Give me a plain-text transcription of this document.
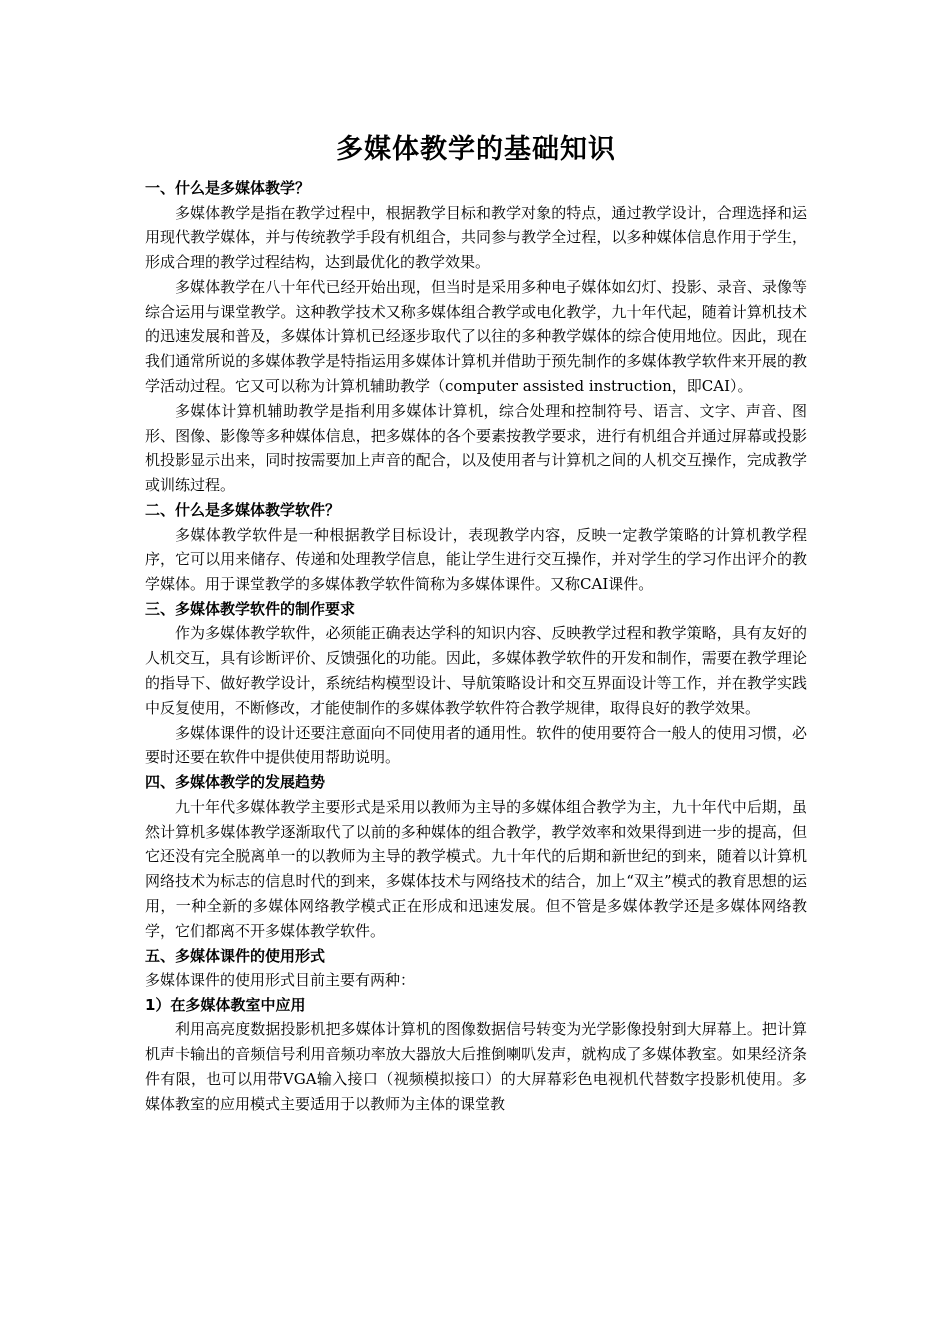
多媒体教学的基础知识

一、什么是多媒体教学？

多媒体教学是指在教学过程中，根据教学目标和教学对象的特点，通过教学设计，合理选择和运用现代教学媒体，并与传统教学手段有机组合，共同参与教学全过程，以多种媒体信息作用于学生，形成合理的教学过程结构，达到最优化的教学效果。

多媒体教学在八十年代已经开始出现，但当时是采用多种电子媒体如幻灯、投影、录音、录像等综合运用与课堂教学。这种教学技术又称多媒体组合教学或电化教学，九十年代起，随着计算机技术的迅速发展和普及，多媒体计算机已经逐步取代了以往的多种教学媒体的综合使用地位。因此，现在我们通常所说的多媒体教学是特指运用多媒体计算机并借助于预先制作的多媒体教学软件来开展的教学活动过程。它又可以称为计算机辅助教学（computer assisted instruction，即CAI）。

多媒体计算机辅助教学是指利用多媒体计算机，综合处理和控制符号、语言、文字、声音、图形、图像、影像等多种媒体信息，把多媒体的各个要素按教学要求，进行有机组合并通过屏幕或投影机投影显示出来，同时按需要加上声音的配合，以及使用者与计算机之间的人机交互操作，完成教学或训练过程。

二、什么是多媒体教学软件？

多媒体教学软件是一种根据教学目标设计，表现教学内容，反映一定教学策略的计算机教学程序，它可以用来储存、传递和处理教学信息，能让学生进行交互操作，并对学生的学习作出评介的教学媒体。用于课堂教学的多媒体教学软件简称为多媒体课件。又称CAI课件。

三、多媒体教学软件的制作要求

作为多媒体教学软件，必须能正确表达学科的知识内容、反映教学过程和教学策略，具有友好的人机交互，具有诊断评价、反馈强化的功能。因此，多媒体教学软件的开发和制作，需要在教学理论的指导下、做好教学设计，系统结构模型设计、导航策略设计和交互界面设计等工作，并在教学实践中反复使用，不断修改，才能使制作的多媒体教学软件符合教学规律，取得良好的教学效果。

多媒体课件的设计还要注意面向不同使用者的通用性。软件的使用要符合一般人的使用习惯，必要时还要在软件中提供使用帮助说明。

四、多媒体教学的发展趋势

九十年代多媒体教学主要形式是采用以教师为主导的多媒体组合教学为主，九十年代中后期，虽然计算机多媒体教学逐渐取代了以前的多种媒体的组合教学，教学效率和效果得到进一步的提高，但它还没有完全脱离单一的以教师为主导的教学模式。九十年代的后期和新世纪的到来，随着以计算机网络技术为标志的信息时代的到来，多媒体技术与网络技术的结合，加上“双主”模式的教育思想的运用，一种全新的多媒体网络教学模式正在形成和迅速发展。但不管是多媒体教学还是多媒体网络教学，它们都离不开多媒体教学软件。

五、多媒体课件的使用形式

多媒体课件的使用形式目前主要有两种：

1）在多媒体教室中应用

利用高亮度数据投影机把多媒体计算机的图像数据信号转变为光学影像投射到大屏幕上。把计算机声卡输出的音频信号利用音频功率放大器放大后推倒喇叭发声，就构成了多媒体教室。如果经济条件有限，也可以用带VGA输入接口（视频模拟接口）的大屏幕彩色电视机代替数字投影机使用。多媒体教室的应用模式主要适用于以教师为主体的课堂教
